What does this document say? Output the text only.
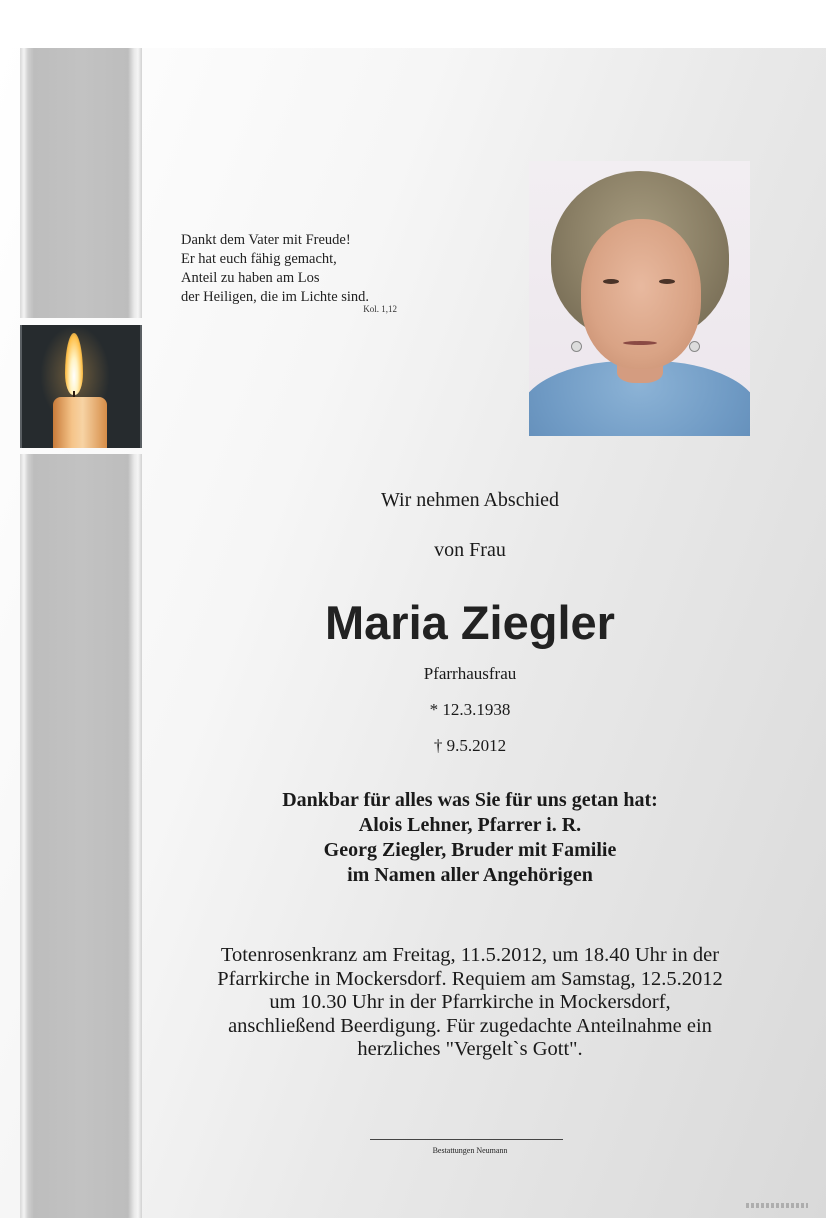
Dankt dem Vater mit Freude!
Er hat euch fähig gemacht,
Anteil zu haben am Los
der Heiligen, die im Lichte sind.
Kol. 1,12
Wir nehmen Abschied
von Frau
Maria Ziegler
Pfarrhausfrau
* 12.3.1938
† 9.5.2012
Dankbar für alles was Sie für uns getan hat:
Alois Lehner, Pfarrer i. R.
Georg Ziegler, Bruder mit Familie
im Namen aller Angehörigen
Totenrosenkranz am Freitag, 11.5.2012, um 18.40 Uhr in der
Pfarrkirche in Mockersdorf. Requiem am Samstag, 12.5.2012
um 10.30 Uhr in der Pfarrkirche in Mockersdorf,
anschließend Beerdigung. Für zugedachte Anteilnahme ein
herzliches "Vergelt`s Gott".
Bestattungen Neumann
